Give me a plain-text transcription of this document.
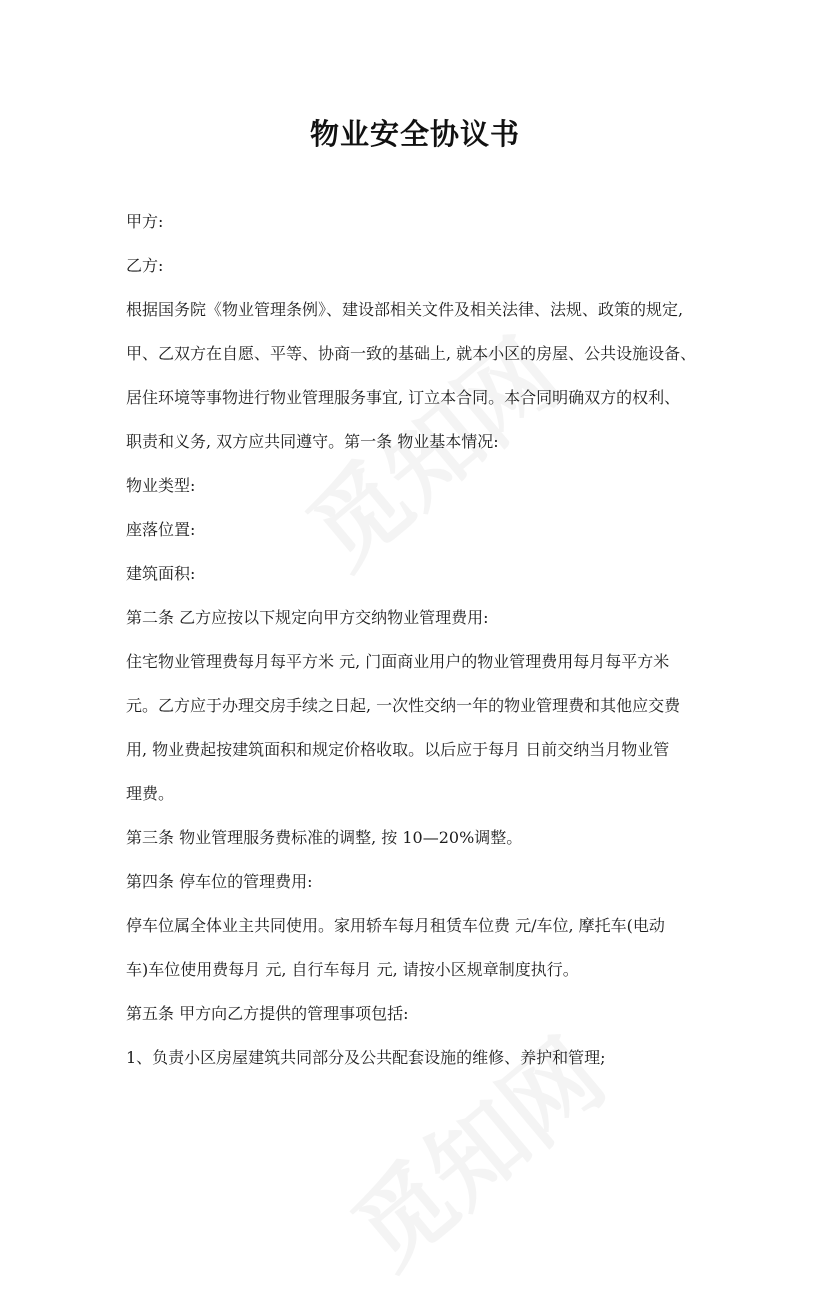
物业安全协议书
甲方:
乙方:
根据国务院《物业管理条例》、建设部相关文件及相关法律、法规、政策的规定,
甲、乙双方在自愿、平等、协商一致的基础上, 就本小区的房屋、公共设施设备、
居住环境等事物进行物业管理服务事宜, 订立本合同。本合同明确双方的权利、
职责和义务, 双方应共同遵守。第一条 物业基本情况:
物业类型:
座落位置:
建筑面积:
第二条 乙方应按以下规定向甲方交纳物业管理费用:
住宅物业管理费每月每平方米 元, 门面商业用户的物业管理费用每月每平方米
元。乙方应于办理交房手续之日起, 一次性交纳一年的物业管理费和其他应交费
用, 物业费起按建筑面积和规定价格收取。以后应于每月 日前交纳当月物业管
理费。
第三条 物业管理服务费标准的调整, 按 10—20%调整。
第四条 停车位的管理费用:
停车位属全体业主共同使用。家用轿车每月租赁车位费 元/车位, 摩托车(电动
车)车位使用费每月 元, 自行车每月 元, 请按小区规章制度执行。
第五条 甲方向乙方提供的管理事项包括:
1、负责小区房屋建筑共同部分及公共配套设施的维修、养护和管理;
